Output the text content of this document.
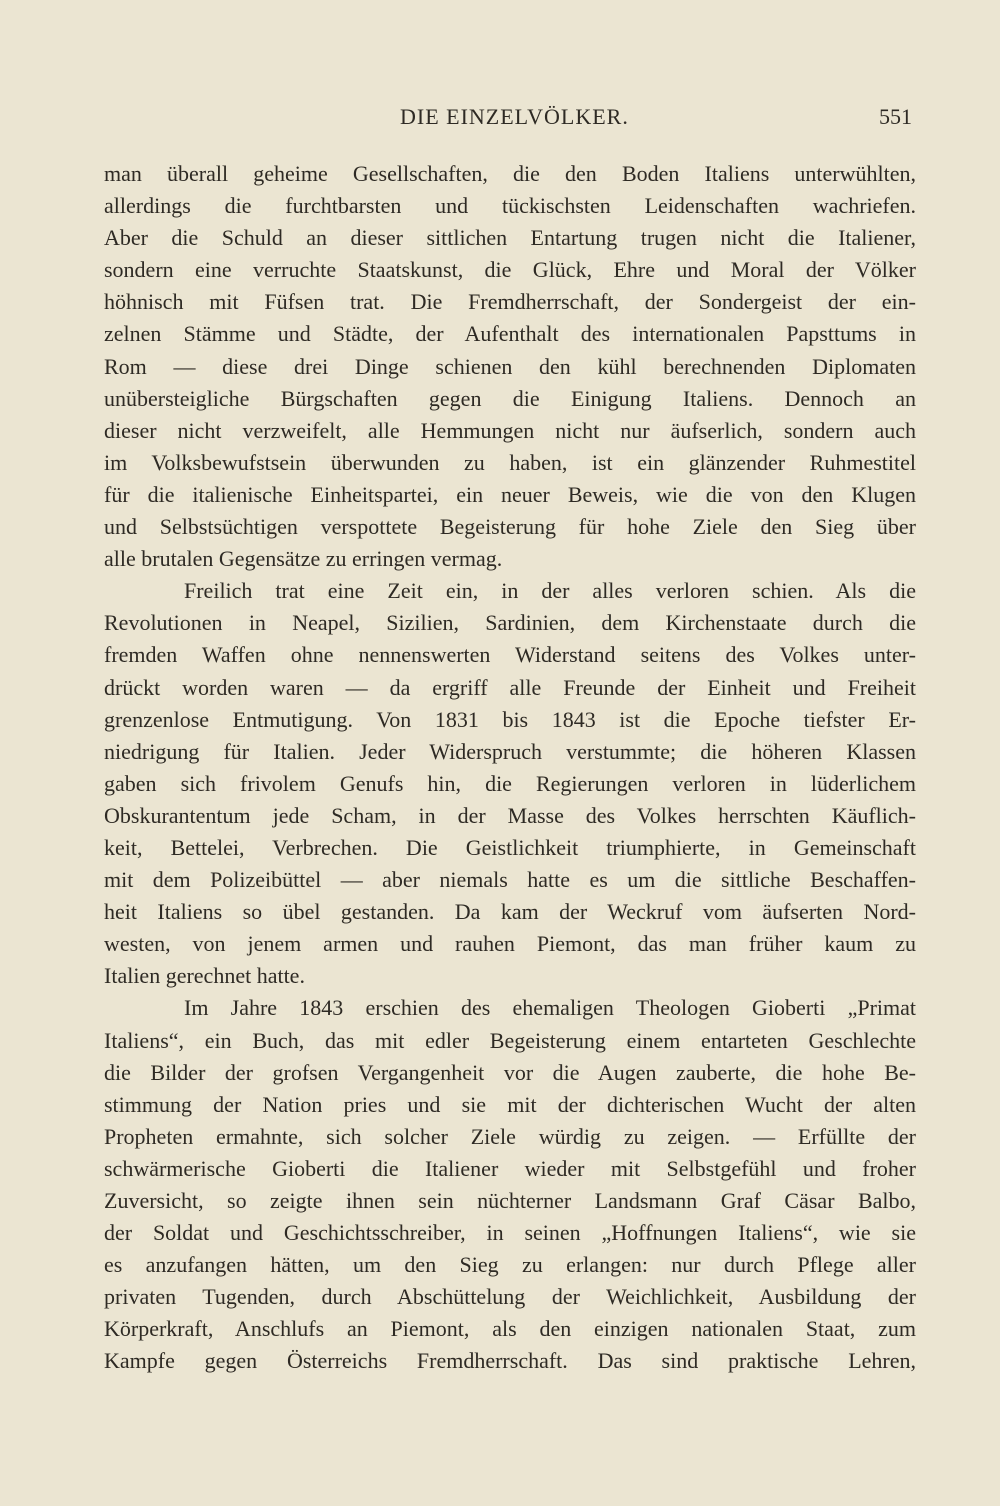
DIE EINZELVÖLKER.	551
man überall geheime Gesellschaften, die den Boden Italiens unterwühlten,
allerdings die furchtbarsten und tückischsten Leidenschaften wachriefen.
Aber die Schuld an dieser sittlichen Entartung trugen nicht die Italiener,
sondern eine verruchte Staatskunst, die Glück, Ehre und Moral der Völker
höhnisch mit Füfsen trat. Die Fremdherrschaft, der Sondergeist der ein-
zelnen Stämme und Städte, der Aufenthalt des internationalen Papsttums in
Rom — diese drei Dinge schienen den kühl berechnenden Diplomaten
unübersteigliche Bürgschaften gegen die Einigung Italiens. Dennoch an
dieser nicht verzweifelt, alle Hemmungen nicht nur äufserlich, sondern auch
im Volksbewufstsein überwunden zu haben, ist ein glänzender Ruhmestitel
für die italienische Einheitspartei, ein neuer Beweis, wie die von den Klugen
und Selbstsüchtigen verspottete Begeisterung für hohe Ziele den Sieg über
alle brutalen Gegensätze zu erringen vermag.
Freilich trat eine Zeit ein, in der alles verloren schien. Als die
Revolutionen in Neapel, Sizilien, Sardinien, dem Kirchenstaate durch die
fremden Waffen ohne nennenswerten Widerstand seitens des Volkes unter-
drückt worden waren — da ergriff alle Freunde der Einheit und Freiheit
grenzenlose Entmutigung. Von 1831 bis 1843 ist die Epoche tiefster Er-
niedrigung für Italien. Jeder Widerspruch verstummte; die höheren Klassen
gaben sich frivolem Genufs hin, die Regierungen verloren in lüderlichem
Obskurantentum jede Scham, in der Masse des Volkes herrschten Käuflich-
keit, Bettelei, Verbrechen. Die Geistlichkeit triumphierte, in Gemeinschaft
mit dem Polizeibüttel — aber niemals hatte es um die sittliche Beschaffen-
heit Italiens so übel gestanden. Da kam der Weckruf vom äufserten Nord-
westen, von jenem armen und rauhen Piemont, das man früher kaum zu
Italien gerechnet hatte.
Im Jahre 1843 erschien des ehemaligen Theologen Gioberti „Primat
Italiens“, ein Buch, das mit edler Begeisterung einem entarteten Geschlechte
die Bilder der grofsen Vergangenheit vor die Augen zauberte, die hohe Be-
stimmung der Nation pries und sie mit der dichterischen Wucht der alten
Propheten ermahnte, sich solcher Ziele würdig zu zeigen. — Erfüllte der
schwärmerische Gioberti die Italiener wieder mit Selbstgefühl und froher
Zuversicht, so zeigte ihnen sein nüchterner Landsmann Graf Cäsar Balbo,
der Soldat und Geschichtsschreiber, in seinen „Hoffnungen Italiens“, wie sie
es anzufangen hätten, um den Sieg zu erlangen: nur durch Pflege aller
privaten Tugenden, durch Abschüttelung der Weichlichkeit, Ausbildung der
Körperkraft, Anschlufs an Piemont, als den einzigen nationalen Staat, zum
Kampfe gegen Österreichs Fremdherrschaft. Das sind praktische Lehren,
